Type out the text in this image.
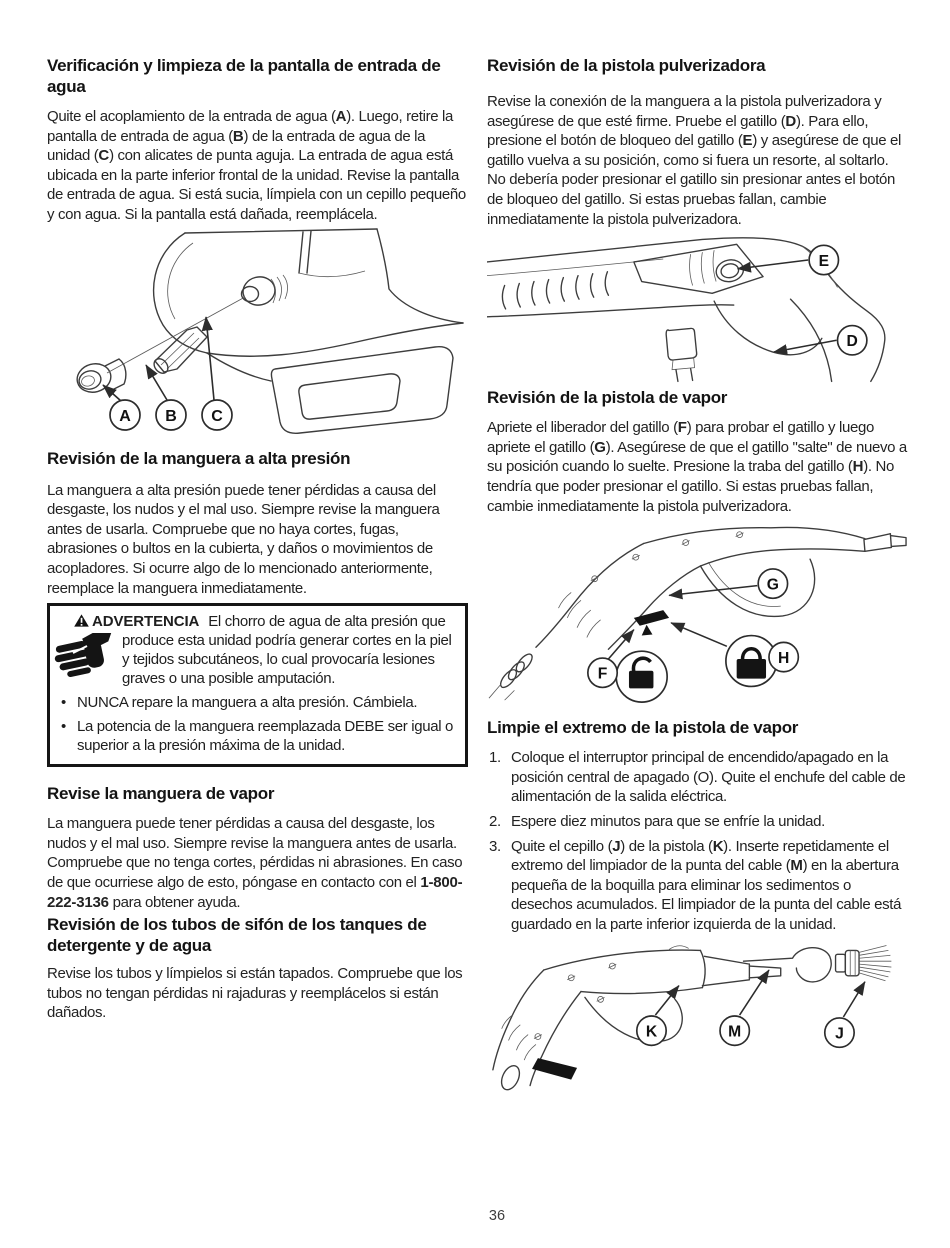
Verificación y limpieza de la pantalla de entrada de agua

Quite el acoplamiento de la entrada de agua (A). Luego, retire la pantalla de entrada de agua (B) de la entrada de agua de la unidad (C) con alicates de punta aguja. La entrada de agua está ubicada en la parte inferior frontal de la unidad. Revise la pantalla de entrada de agua. Si está sucia, límpiela con un cepillo pequeño y con agua. Si la pantalla está dañada, reemplácela.

A B C
Revisión de la manguera a alta presión

La manguera a alta presión puede tener pérdidas a causa del desgaste, los nudos y el mal uso. Siempre revise la manguera antes de usarla. Compruebe que no haya cortes, fugas, abrasiones o bultos en la cubierta, y daños o movimientos de acopladores. Si ocurre algo de lo mencionado anteriormente, reemplace la manguera inmediatamente.

ADVERTENCIA El chorro de agua de alta presión que produce esta unidad podría generar cortes en la piel y tejidos subcutáneos, lo cual provocaría lesiones graves o una posible amputación.

• NUNCA repare la manguera a alta presión. Cámbiela.
• La potencia de la manguera reemplazada DEBE ser igual o superior a la presión máxima de la unidad.
Revise la manguera de vapor

La manguera puede tener pérdidas a causa del desgaste, los nudos y el mal uso. Siempre revise la manguera antes de usarla. Compruebe que no tenga cortes, pérdidas ni abrasiones. En caso de que ocurriese algo de esto, póngase en contacto con el 1-800-222-3136 para obtener ayuda.

Revisión de los tubos de sifón de los tanques de detergente y de agua

Revise los tubos y límpielos si están tapados. Compruebe que los tubos no tengan pérdidas ni rajaduras y reemplácelos si están dañados.

Revisión de la pistola pulverizadora

Revise la conexión de la manguera a la pistola pulverizadora y asegúrese de que esté firme. Pruebe el gatillo (D). Para ello, presione el botón de bloqueo del gatillo (E) y asegúrese de que el gatillo vuelva a su posición, como si fuera un resorte, al soltarlo. No debería poder presionar el gatillo sin presionar antes el botón de bloqueo del gatillo. Si estas pruebas fallan, cambie inmediatamente la pistola pulverizadora.

E
D
Revisión de la pistola de vapor

Apriete el liberador del gatillo (F) para probar el gatillo y luego apriete el gatillo (G). Asegúrese de que el gatillo "salte" de nuevo a su posición cuando lo suelte. Presione la traba del gatillo (H). No tendría que poder presionar el gatillo. Si estas pruebas fallan, cambie inmediatamente la pistola pulverizadora.

F
H
G
Limpie el extremo de la pistola de vapor
1. Coloque el interruptor principal de encendido/apagado en la posición central de apagado (O). Quite el enchufe del cable de alimentación de la salida eléctrica.
2. Espere diez minutos para que se enfríe la unidad.
3. Quite el cepillo (J) de la pistola (K). Inserte repetidamente el extremo del limpiador de la punta del cable (M) en la abertura pequeña de la boquilla para eliminar los sedimentos o desechos acumulados. El limpiador de la punta del cable está guardado en la parte inferior izquierda de la unidad.
K	M	J
36
